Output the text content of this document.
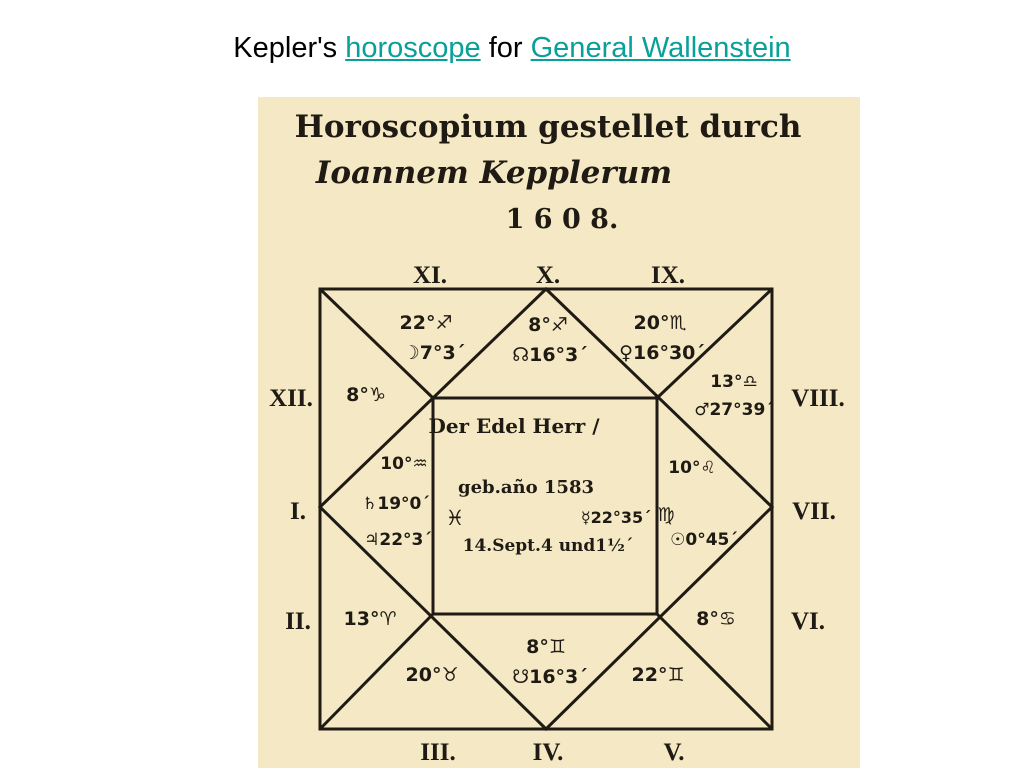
Kepler's horoscope for General Wallenstein
Horoscopium gestellet durch
Ioannem Kepplerum
1 6 0 8.
XI.	X.	IX.
XII.	VIII.
I.	VII.
II.	VI.
III.	IV.	V.
22°♐
☽7°3´
8°♐
☊16°3´
20°♏
♀16°30´
8°♑
13°♎
♂27°39´
10°♒
♄19°0´
♃22°3´
♓
10°♌
♍
☉0°45´
13°♈	8°♋
20°♉
8°♊
☋16°3´ 22°♊
Der Edel Herr /
geb.año 1583
☿22°35´
14.Sept.4 und1½´
